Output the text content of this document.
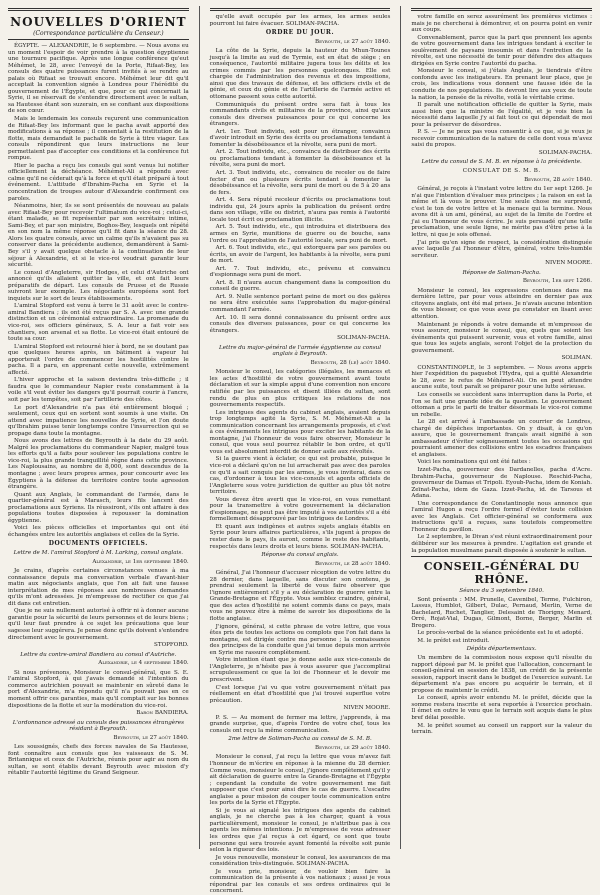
NOUVELLES D'ORIENT
(Correspondance particulière du Censeur.)

ÉGYPTE. — ALEXANDRIE, le 6 septembre. — Nous avons eu un moment l'espoir de voir prendre à la question égyptienne une tournure pacifique. Après une longue conférence qu'eut Méhémet, le 28, avec l'envoyé de la Porte, Rifaat-Bey, les consuls des quatre puissances furent invités à se rendre au palais où Rifaat se trouvait encore. Méhémet leur dit qu'il acceptait la convention signée à Londres pour l'hérédité du gouvernement de l'Égypte, et que, pour ce qui concernait la Syrie, il se réservait de s'entendre directement avec le sultan, sa Hautesse étant son suzerain, en se confiant aux dispositions de son cœur.

Mais le lendemain les consuls reçurent une communication de Rifaat-Bey les informant que le pacha avait apporté des modifications à sa réponse ; il consentait à la restitution de la flotte, mais demandait le pachalik de Syrie à titre viager. Les consuls répondirent que leurs instructions ne leur permettaient pas d'accepter ces conditions et la conférence fut rompue.

Hier le pacha a reçu les consuls qui sont venus lui notifier officiellement la déchéance. Méhémet-Ali a répondu avec calme qu'il ne céderait qu'à la force et qu'il était préparé à tout événement. L'attitude d'Ibrahim-Pacha en Syrie et la concentration de troupes autour d'Alexandrie confirment ces paroles.

Néanmoins, hier, ils se sont présentés de nouveau au palais avec Rifaat-Bey pour recevoir l'ultimatum du vice-roi ; celui-ci, étant malade, se fit représenter par son secrétaire intime, Sami-Bey, et par son ministre, Boghos-Bey, lesquels ont répété en son nom la même réponse qu'il fit dans la séance du 28. Alors les quatre consuls, avec un calme qu'ils n'avaient pas su conserver dans la précédente audience, demandèrent à Sami-Bey s'il y avait quelque obstacle à la continuation de leur séjour à Alexandrie, et si le vice-roi voudrait garantir leur sécurité.

Le consul d'Angleterre, sir Hodges, et celui d'Autriche ont annoncé qu'ils allaient quitter la ville, et ont fait leurs préparatifs de départ. Les consuls de Prusse et de Russie suivront leur exemple. Les négociants européens sont fort inquiets sur le sort de leurs établissements.

L'amiral Stopford est venu à terre le 31 août avec le contre-amiral Bandiera ; ils ont été reçus par S. A. avec une grande distinction et un cérémonial extraordinaire. La promenade du vice-roi, ses officiers généraux, S. A. leur a fait voir ses chantiers, son arsenal et sa flotte. Le vice-roi était entouré de toute sa cour.

L'amiral Stopford est retourné hier à bord, ne se doutant pas que quelques heures après, un bâtiment à vapeur lui apporterait l'ordre de commencer les hostilités contre le pacha. Il a paru, en apprenant cette nouvelle, extrêmement affecté.

L'hiver approche et la saison deviendra très-difficile ; il faudra que le commandeur Napier reste constamment à la voile s'il veut éviter les dangers qu'il pourrait courir à l'ancre, soit par les tempêtes, soit par l'artillerie des côtes.

Le port d'Alexandrie n'a pas été entièrement bloqué ; seulement, ceux qui en sortent sont soumis à une visite. On attend avec impatience les nouvelles de Syrie, et l'on doute qu'Ibrahim puisse tenir longtemps contre l'insurrection qui se propage dans toute la montagne.

Nous avons des lettres de Beyrouth à la date du 29 août. Malgré les proclamations du commandeur Napier, malgré tous les efforts qu'il a faits pour soulever les populations contre le vice-roi, la plus grande tranquillité règne dans cette province. Les Naplousains, au nombre de 8,000, sont descendus de la montagne ; avec leurs propres armes, pour concourir avec les Égyptiens à la défense du territoire contre toute agression étrangère.

Quant aux Anglais, le commandant de l'armée, dans le quartier-général est à Marasch, leurs fils lancent des proclamations aux Syriens. Ils réussiront, s'ils ont affaire à des populations toutes disposées à repousser la domination égyptienne.

Voici les pièces officielles et importantes qui ont été échangées entre les autorités anglaises et celles de la Syrie.

DOCUMENTS OFFICIELS.
Lettre de M. l'amiral Stopford à M. Larking, consul anglais.
Alexandrie, le 1er septembre 1840.

Je crains, d'après certaines circonstances venues à ma connaissance depuis ma conversation verbale d'avant-hier matin aux négociants anglais, que l'on ait fait une fausse interprétation de mes réponses aux nombreuses demandes qu'ils m'ont adressées. Je m'empresse de rectifier ce que j'ai dit dans cet entretien.

Que je ne suis nullement autorisé à offrir ni à donner aucune garantie pour la sécurité de leurs personnes et de leurs biens ; qu'il leur faut prendre à ce sujet les précautions que leur sagesse leur suggérera. Je pense donc qu'ils doivent s'entendre directement avec le gouvernement.

STOPFORD.
Lettre du contre-amiral Bandiera au consul d'Autriche.
Alexandrie, le 4 septembre 1840.

Si nous prévenons, Monsieur le consul-général, que S. E. l'amiral Stopford, à qui j'avais demandé si l'intention du commerce autrichien pouvait se maintenir en sûreté dans le port d'Alexandrie, m'a répondu qu'il n'a pouvait pas en ce moment offrir ces garanties, mais qu'il comptait sur les bonnes dispositions de la flotte et sur la modération du vice-roi.

Baron BANDIERA.
L'ordonnance adressé au consuls des puissances étrangères résidant à Beyrouth.
Beyrouth, le 27 août 1840.

Les soussignés, chefs des forces navales de Sa Hautesse, font connaître aux consuls que les vaisseaux de S. M. Britannique et ceux de l'Autriche, réunis pour agir au nom du sultan, se sont établis devant Beyrouth avec mission d'y rétablir l'autorité légitime du Grand Seigneur.

qu'elle avait occupée par les armes, les armes seules pourront lui faire évacuer. SOLIMAN-PACHA.

ORDRE DU JOUR.
Beyrouth, le 27 août 1840.

La côte de la Syrie, depuis la hauteur du Mhun-Tounes jusqu'à la limite au sud de Tyrmie, est en état de siège ; en conséquence, l'autorité militaire jugera tous les délits et les crimes commis par les personnes quelconques. Elle est chargée de l'administration des revenus et des impositions, ainsi que des travaux de défense, et les officiers civils et de génie, et ceux du génie et de l'artillerie de l'armée active et ottomane passent sous cette autorité.

Communiqués du présent ordre sera fait à tous les commandants civils et militaires de la province, ainsi qu'aux consuls des diverses puissances pour ce qui concerne les étrangers.

Art. 1er. Tout individu, soit pour un étranger, convaincu d'avoir introduit en Syrie des écrits ou proclamations tendant à fomenter la désobéissance et la révolte, sera puni de mort.

Art. 2. Tout individu, etc., convaincu de distribuer des écrits ou proclamations tendant à fomenter la désobéissance et la révolte, sera puni de mort.

Art. 3. Tout individu, etc., convaincu de receler ou de faire fecter d'un ou plusieurs écrits tendant à fomenter la désobéissance et la révolte, sera puni de mort ou de 5 à 20 ans de fers.

Art. 4. Sera réputé receleur d'écrits ou proclamations tout individu qui, 24 jours après la publication du présent ordre dans son village, ville ou district, n'aura pas remis à l'autorité locale tout écrit ou proclamation illicite.

Art. 5. Tout individu, etc., qui introduira et distribuera des armes en Syrie, munitions de guerre ou de bouche, sans l'ordre ou l'approbation de l'autorité locale, sera puni de mort.

Art. 6. Tout individu, etc., qui extorquera par ses paroles ou écrits, un avoir de l'argent, les habitants à la révolte, sera puni de mort.

Art. 7. Tout individu, etc., prévenu et convaincu d'espionnage sera puni de mort.

Art. 8. Il n'aura aucun changement dans la composition du conseil de guerre.

Art. 9. Nulle sentence portant peine de mort ou des galères ne sera être exécutée sans l'approbation du major-général commandant l'armée.

Art. 10. Il sera donné connaissance du présent ordre aux consuls des diverses puissances, pour ce qui concerne les étrangers.

SOLIMAN-PACHA.
Lettre du major-général de l'armée égyptienne au consul anglais à Beyrouth.
Beyrouth, 28 (le) août 1840.

Monsieur le consul, les catégories illégales, les menaces et les actes d'hostilité de votre gouvernement avant toute déclaration et sur la simple appui d'une convention non encore ratifiée par les puissances et disent illiées du sultan, sont rendu de plus en plus critiques les relations de nos gouvernements respectifs.

Les intrigues des agents du cabinet anglais, avaient depuis trop longtemps agité la Syrie, S. M. Méhémet-Ali a la communication concernant les arrangements proposés, et c'est à ces événements les intrigues pour exciter les habitants de la montagne, j'ai l'honneur de vous faire observer, Monsieur le consul, que vous seul pourrez rétablir le bon ordre, et qu'il vous est absolument interdit de donner asile aux révoltés.

Si la guerre vient à éclater, ce qui est probable, puisque le vice-roi a déclaré qu'on ne lui arracherait pas avec des paroles ce qu'il a sait conquis par les armes, je vous inviterai, dans ce cas, d'ordonner à tous les vice-consuls et agents officiels de l'Angleterre sous votre juridiction de quitter au plus tôt notre territoire.

Vous devez être averti que le vice-roi, en vous remettant pour la transmettre à votre gouvernement la déclaration d'espionnage, ne peut pas être imputé à vos autorités s'il a été formellement désapprouvé par les intrigues de Londres.

Et quant aux indigènes et autres sujets anglais établis en Syrie pour leurs affaires particulières, s'ils jugent à propos de rester dans le pays, ils auront, comme le reste des habitants, respectés dans leurs droits et leurs biens. SOLIMAN-PACHA.

Réponse du consul anglais.
Beyrouth, le 28 août 1840.

Général, J'ai l'honneur d'accuser réception de votre lettre du 28 dernier, dans laquelle, sans discuter son contenu, je prendrai seulement la liberté de vous faire observer que l'ignore entièrement s'il y a eu déclaration de guerre entre la Grande-Bretagne et l'Égypte. Vous semblez craindre, général, que des actes d'hostilité ne soient commis dans ce pays, mais vous ne pouvez être à même de savoir les dispositions de la flotte anglaise.

J'ignore, général, si cette phrase de votre lettre, que vous êtes pris de toutes les actions ou complots que l'on fait dans la montagne, est dirigée contre ma personne ; la connaissance des principes de la conduite que j'ai tenue depuis mon arrivée en Syrie me rassure complètement.

Votre intention étant que je donne asile aux vice-consuls de l'Angleterre, je n'hésite pas à vous assurer que j'accomplirai scrupuleusement ce que la loi de l'honneur et le devoir me prescrivent.

C'est lorsque j'ai vu que votre gouvernement n'était pas réellement en état d'hostilité que j'ai trouvé superflue votre précaution.

NIVEN MOORE.

P. S. — Au moment de fermer ma lettre, j'apprends, à ma grande surprise, que, d'après l'ordre de votre chef, tous les consuls ont reçu la même communication.

2me lettre de Soliman-Pacha au consul de S. M. B.
Beyrouth, le 29 août 1840.

Monsieur le consul, j'ai reçu la lettre que vous m'avez fait l'honneur de m'écrire en réponse à la mienne du 28 dernier. Comme vous, monsieur le consul, j'ignore complètement qu'il y ait déclaration de guerre entre la Grande-Bretagne et l'Égypte ; cependant la conduite de votre gouvernement me fait supposer que c'est pour ainsi dire le cas de guerre. L'escadre anglaise a pour mission de couper toute communication entre les ports de la Syrie et l'Égypte.

Si je vous ai signalé les intrigues des agents du cabinet anglais, je ne cherche pas à les charger, quant à vous particulièrement, monsieur le consul, je n'attribue pas à ces agents les mêmes intentions. Je m'empresse de vous adresser les ordres que j'ai reçus à cet égard, ce sont que toute personne qui sera trouvée ayant fomenté la révolte soit punie selon la rigueur des lois.

Je vous renouvelle, monsieur le consul, les assurances de ma considération très-distinguée. SOLIMAN-PACHA.

Je vous prie, monsieur, de vouloir bien faire la communication de la présente à vos nationaux ; aussi je vous répondrai par les consuls et ses ordres ordinaires qui le concernent.

votre famille en serez assurément les premières victimes : mais je ne chercherai à démontrer, et on pourra point en venir aux coups.

Convenablement, parce que la part que prennent les agents de votre gouvernement dans les intrigues tendant à exciter le soulèvement de paysans insoumis et dans l'entretien de la révolte, est une nécessité de tenir pour défendre des attaques dirigées en Syrie contre l'autorité du pacha.

Monsieur le consul, si j'étais Anglais, je tiendrais d'être confondu avec les instigateurs. En prenant leur place, que je crois, les indications vous donnent une fausse idée de la conduite de nos populations. Ils devront lire aux yeux de toute la nation, la pensée de la révolte, voilà le véritable crime.

Il paraît une notification officielle de quitter la Syrie, mais aussi bien que la ministre de l'égalité, et je vois bien la nécessité dans laquelle j'y ai fait tout ce qui dépendait de moi pour la préserver de désordres.

P. S. — Je ne peux pas vous consentir à ce que, si je veux je recevoir communication de la nature de celle dont vous m'avez saisi du propos.

SOLIMAN-PACHA.
Lettre du consul de S. M. B. en réponse à la précédente.
CONSULAT DE S. M. B.
Beyrouth, 28 août 1840.

Général, je reçois à l'instant votre lettre du 1er sept 1266. Je n'ai que l'intention d'évaluer mes principes ; la raison en est la même et là vous le prouver. Une seule chose me surprend, c'est le ton de votre lettre et la menace qui la termine. Nous avons dit à un ami, général, au sujet de la limite de l'ordre et j'ai eu l'honneur de vous écrire. Je suis persuadé qu'une telle proclamation, une seule ligne, ne mérite pas d'être prise à la lettre, ni que je sois offensé.

J'ai pris qu'en signe de respect, la considération distinguée avec laquelle j'ai l'honneur d'être, général, votre très-humble serviteur.

NIVEN MOORE.
Réponse de Soliman-Pacha.
Beyrouth, 1er sept 1266.

Monsieur le consul, les expressions contenues dans ma dernière lettre, par pour vous atteindre en dernier pas aux citoyens anglais, ont été mal prises. Je n'avais aucune intention de vous blesser, ce que vous avez pu constater en lisant avec attention.

Maintenant je réponds à votre demande et m'empresse de vous assurer, monsieur le consul, que, quels que soient les événements qui puissent survenir, vous et votre famille, ainsi que tous les sujets anglais, seront l'objet de la protection du gouvernement.

SOLIMAN.

CONSTANTINOPLE, le 3 septembre. — Nous avons appris hier l'expédition du paquebot l'Hydra, qui a quitté Alexandrie le 28, avec le refus de Méhémet-Ali. On en peut attendre aucune suite, tout paraît se préparer pour une lutte sérieuse.

Les conseils se succèdent sans interruption dans la Porte, et l'on se fait une grande idée de la question. Le gouvernement ottoman a pris le parti de traiter désormais le vice-roi comme un rebelle.

Le 28 est arrivé à l'ambassade un courrier de Londres, chargé de dépêches importantes. On y disait, à ce qu'on assure, que le gouvernement français avait signifié à son ambassadeur d'éviter soigneusement toutes les occasions qui pourraient amener des collisions entre les escadres françaises et anglaises.

Voici les nominations qui ont été faites :

Izzet-Pacha, gouverneur des Dardanelles, pacha d'Acre. Ibrahim-Pacha, gouverneur de Naplouse. Reschid-Pacha, gouverneur de Damas et Tripoli. Eyoub-Pacha, idem de Koniah. Zeïnat-Pacha, idem de Gaza. Izzet-Pacha, id. de Tarsous et Adana.

Une correspondance de Constantinople nous annonce que l'amiral Hugon a reçu l'ordre formel d'éviter toute collision avec les Anglais. Cet officier-général se conformera aux instructions qu'il a reçues, sans toutefois compromettre l'honneur du pavillon.

Le 2 septembre, le Divan s'est réuni extraordinairement pour délibérer sur les mesures à prendre. L'agitation est grande et la population musulmane paraît disposée à soutenir le sultan.

CONSEIL-GÉNÉRAL DU RHÔNE.
Séance du 3 septembre 1840.

Sont présents : MM. Prunelle, Cavenibel, Terme, Fulchiron, Lassus, Humblot, Gilbert, Dulac, Pernaud, Merlin, Verne de Bachelard, Ruchet, Tanglier, Delesaint de Thorigny, Menard, Orré, Rojat-Vial, Dugas, Gilmont, Borne, Berger, Marlin et Bregero.

Le procès-verbal de la séance précédente est lu et adopté.

M. le préfet est introduit.

Dépôts départementaux.

Un membre de la commission nous expose qu'il résulte du rapport déposé par M. le préfet que l'allocation, concernant le conseil-général en session de 1838, un crédit de la présente session, rapport inscrit dans le budget de l'exercice suivant. Le département n'a pas encore pu acquérir le terrain, et il propose de maintenir le crédit.

Le conseil, après avoir entendu M. le préfet, décide que la somme restera inscrite et sera reportée à l'exercice prochain. Il émet en outre le vœu que le terrain soit acquis dans le plus bref délai possible.

M. le préfet soumet au conseil un rapport sur la valeur du terrain.
